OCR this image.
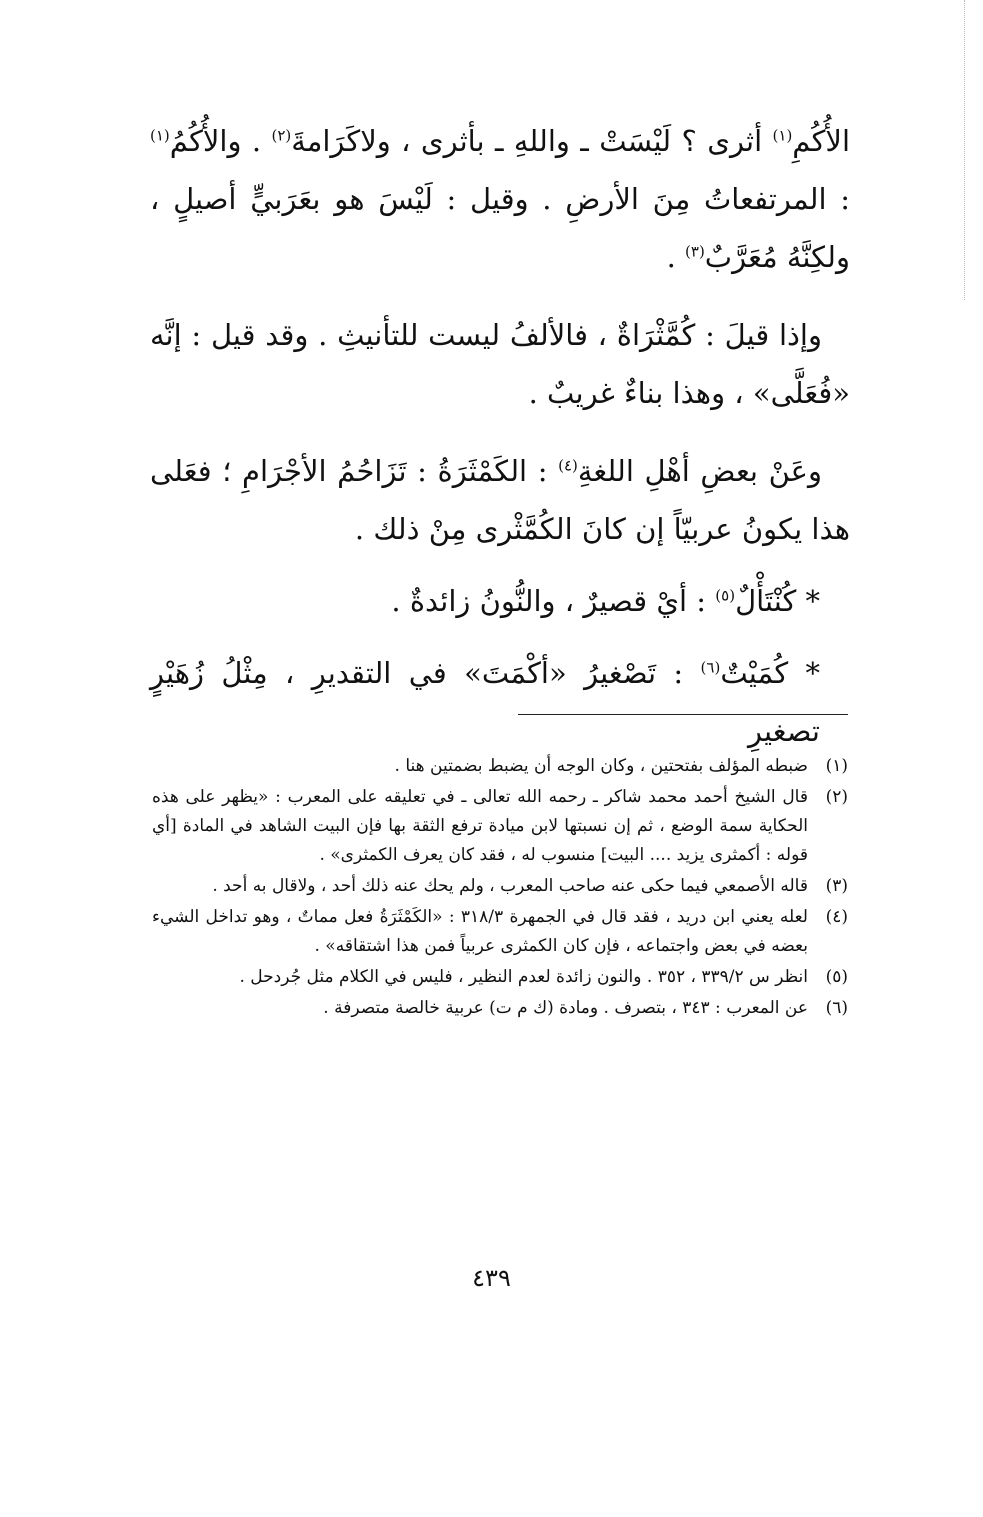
الأُكُمِ$^{(١)}$ أثرى ؟ لَيْسَتْ ـ واللهِ ـ بأثرى ، ولاكَرَامةَ$^{(٢)}$ . والأُكُمُ$^{(١)}$ : المرتفعاتُ مِنَ الأرضِ . وقيل : لَيْسَ هو بعَرَبيٍّ أصيلٍ ، ولكِنَّهُ مُعَرَّبٌ$^{(٣)}$ .

وإذا قيلَ : كُمَّثْرَاةٌ ، فالألفُ ليست للتأنيثِ . وقد قيل : إنَّه «فُعَلَّى» ، وهذا بناءٌ غريبٌ .

وعَنْ بعضِ أهْلِ اللغةِ$^{(٤)}$ : الكَمْثَرَةُ : تَزَاحُمُ الأجْرَامِ ؛ فعَلى هذا يكونُ عربيّاً إن كانَ الكُمَّثْرى مِنْ ذلك .

* كُنْتَأْلٌ$^{(٥)}$ : أيْ قصيرٌ ، والنُّونُ زائدةٌ .

* كُمَيْتٌ$^{(٦)}$ : تَصْغيرُ «أكْمَتَ» في التقديرِ ، مِثْلُ زُهَيْرٍ تصغيرِ

(١)
ضبطه المؤلف بفتحتين ، وكان الوجه أن يضبط بضمتين هنا .
(٢)
قال الشيخ أحمد محمد شاكر ـ رحمه الله تعالى ـ في تعليقه على المعرب : «يظهر على هذه الحكاية سمة الوضع ، ثم إن نسبتها لابن ميادة ترفع الثقة بها فإن البيت الشاهد في المادة [أي قوله : أكمثرى يزيد .... البيت] منسوب له ، فقد كان يعرف الكمثرى» .
(٣)
قاله الأصمعي فيما حكى عنه صاحب المعرب ، ولم يحك عنه ذلك أحد ، ولاقال به أحد .
(٤)
لعله يعني ابن دريد ، فقد قال في الجمهرة ٣١٨/٣ : «الكَمْثَرَةُ فعل مماتٌ ، وهو تداخل الشيء بعضه في بعض واجتماعه ، فإن كان الكمثرى عربياً فمن هذا اشتقاقه» .
(٥)
انظر س ٣٣٩/٢ ، ٣٥٢ . والنون زائدة لعدم النظير ، فليس في الكلام مثل جُردحل .
(٦)
عن المعرب : ٣٤٣ ، بتصرف . ومادة (ك م ت) عربية خالصة متصرفة .
٤٣٩
